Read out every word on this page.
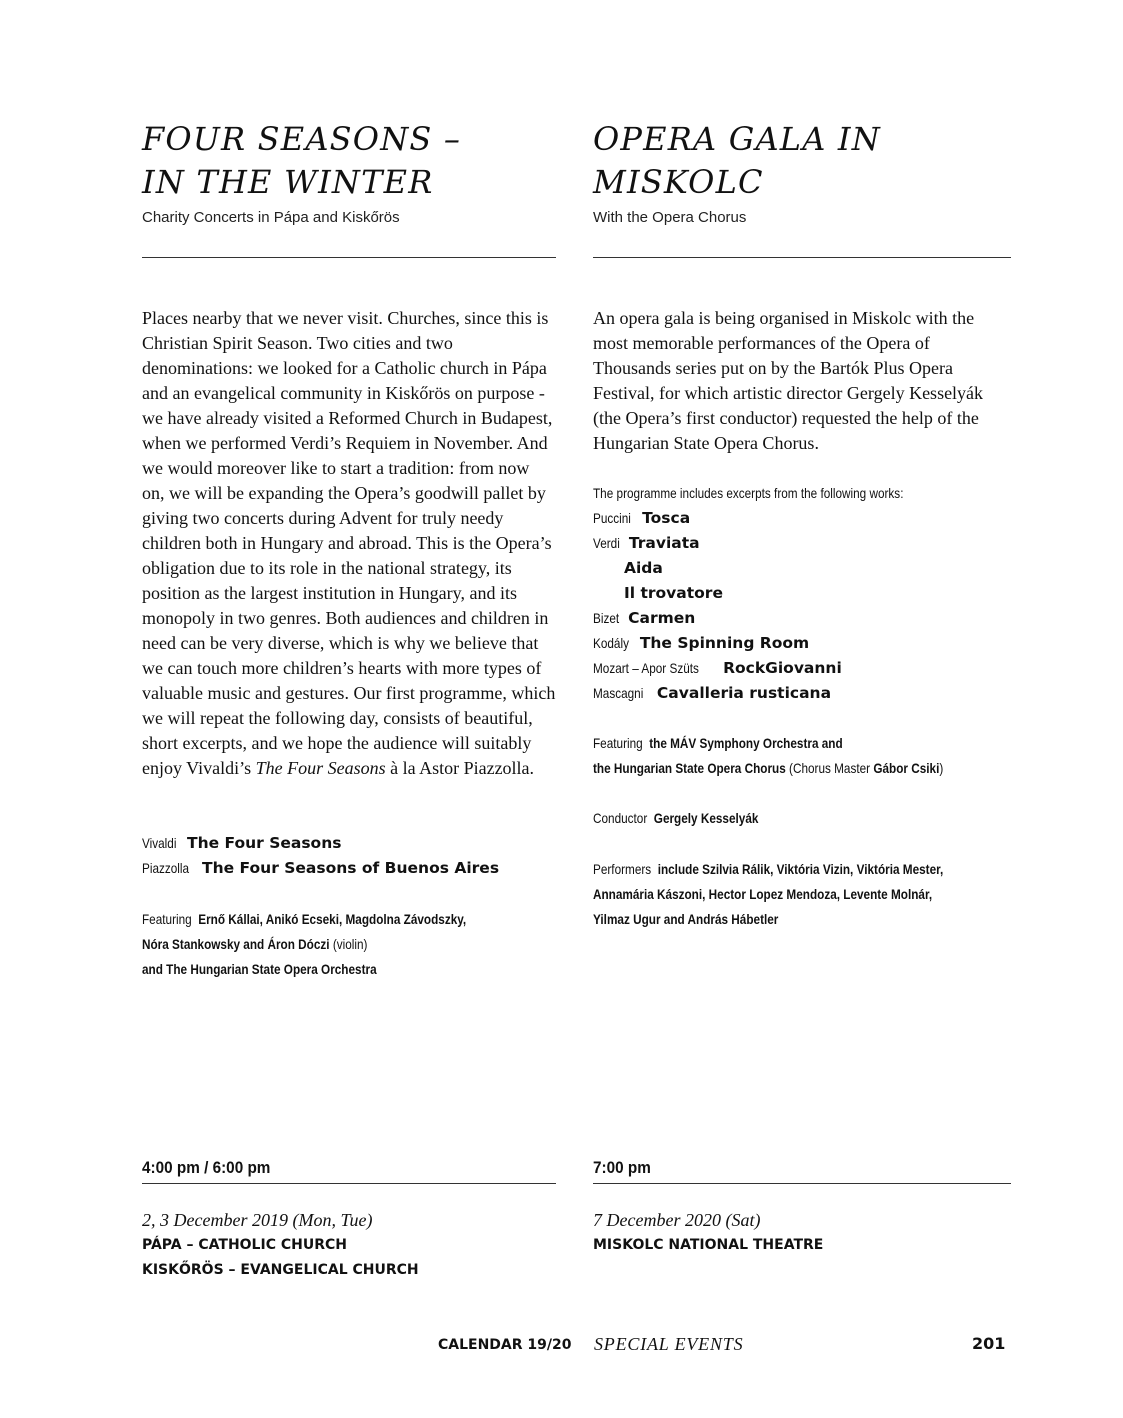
FOUR SEASONS –
IN THE WINTER

Charity Concerts in Pápa and Kiskőrös

Places nearby that we never visit. Churches, since this is Christian Spirit Season. Two cities and two denominations: we looked for a Catholic church in Pápa and an evangelical community in Kiskőrös on purpose - we have already visited a Reformed Church in Budapest, when we performed Verdi’s Requiem in November. And we would moreover like to start a tradition: from now on, we will be expanding the Opera’s goodwill pallet by giving two concerts during Advent for truly needy children both in Hungary and abroad. This is the Opera’s obligation due to its role in the national strategy, its position as the largest institution in Hungary, and its monopoly in two genres. Both audiences and children in need can be very diverse, which is why we believe that we can touch more children’s hearts with more types of valuable music and gestures. Our first programme, which we will repeat the following day, consists of beautiful, short excerpts, and we hope the audience will suitably enjoy Vivaldi’s The Four Seasons à la Astor Piazzolla.

Vivaldi The Four Seasons
Piazzolla The Four Seasons of Buenos Aires
Featuring Ernő Kállai, Anikó Ecseki, Magdolna Závodszky,
Nóra Stankowsky and Áron Dóczi (violin)
and The Hungarian State Opera Orchestra
4:00 pm / 6:00 pm
2, 3 December 2019 (Mon, Tue)
PÁPA – CATHOLIC CHURCH
KISKŐRÖS – EVANGELICAL CHURCH
OPERA GALA IN
MISKOLC

With the Opera Chorus

An opera gala is being organised in Miskolc with the most memorable performances of the Opera of Thousands series put on by the Bartók Plus Opera Festival, for which artistic director Gergely Kesselyák (the Opera’s first conductor) requested the help of the Hungarian State Opera Chorus.

The programme includes excerpts from the following works:
Puccini Tosca
Verdi Traviata
Aida
Il trovatore
Bizet Carmen
Kodály The Spinning Room
Mozart – Apor Szüts RockGiovanni
Mascagni Cavalleria rusticana
Featuring the MÁV Symphony Orchestra and
the Hungarian State Opera Chorus (Chorus Master Gábor Csiki)
Conductor Gergely Kesselyák
Performers include Szilvia Rálik, Viktória Vizin, Viktória Mester,
Annamária Kászoni, Hector Lopez Mendoza, Levente Molnár,
Yilmaz Ugur and András Hábetler
7:00 pm
7 December 2020 (Sat)
MISKOLC NATIONAL THEATRE
CALENDAR 19/20 SPECIAL EVENTS	201
